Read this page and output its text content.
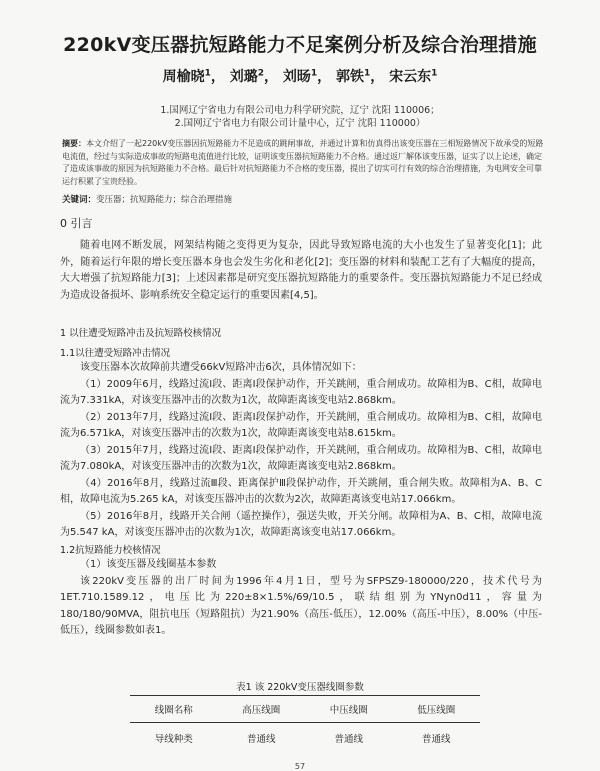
220kV变压器抗短路能力不足案例分析及综合治理措施
周榆晓$^1$， 刘璐$^2$， 刘旸$^1$， 郭铁$^1$， 宋云东$^1$
1.国网辽宁省电力有限公司电力科学研究院，辽宁 沈阳 110006；
2.国网辽宁省电力有限公司计量中心，辽宁 沈阳 110000）
摘要：本文介绍了一起220kV变压器因抗短路能力不足造成的跳闸事故，并通过计算和仿真得出该变压器在三相短路情况下故承受的短路电流值，经过与实际造成事故的短路电流值进行比较，证明该变压器抗短路能力不合格。通过返厂解体该变压器，证实了以上论述，确定了造成该事故的原因为抗短路能力不合格。最后针对抗短路能力不合格的变压器，提出了切实可行有效的综合治理措施，为电网安全可靠运行积累了宝贵经验。
关键词：变压器；抗短路能力；综合治理措施
0 引言
随着电网不断发展，网架结构随之变得更为复杂，因此导致短路电流的大小也发生了显著变化[1]；此外，随着运行年限的增长变压器本身也会发生劣化和老化[2]；变压器的材料和装配工艺有了大幅度的提高，大大增强了抗短路能力[3]；上述因素都是研究变压器抗短路能力的重要条件。变压器抗短路能力不足已经成为造成设备损坏、影响系统安全稳定运行的重要因素[4,5]。
1 以往遭受短路冲击及抗短路校核情况
1.1以往遭受短路冲击情况
该变压器本次故障前共遭受66kV短路冲击6次，具体情况如下：
（1）2009年6月，线路过流Ⅰ段、距离Ⅰ段保护动作，开关跳闸，重合闸成功。故障相为B、C相，故障电流为7.331kA，对该变压器冲击的次数为1次，故障距离该变电站2.868km。
（2）2013年7月，线路过流Ⅰ段、距离Ⅰ段保护动作，开关跳闸，重合闸成功。故障相为B、C相，故障电流为6.571kA，对该变压器冲击的次数为1次，故障距离该变电站8.615km。
（3）2015年7月，线路过流Ⅰ段、距离Ⅰ段保护动作，开关跳闸，重合闸成功。故障相为B、C相，故障电流为7.080kA，对该变压器冲击的次数为1次，故障距离该变电站2.868km。
（4）2016年8月，线路过流Ⅲ段、距离保护Ⅲ段保护动作，开关跳闸，重合闸失败。故障相为A、B、C相，故障电流为5.265 kA，对该变压器冲击的次数为2次，故障距离该变电站17.066km。
（5）2016年8月，线路开关合闸（遥控操作），强送失败，开关分闸。故障相为A、B、C相，故障电流为5.547 kA，对该变压器冲击的次数为1次，故障距离该变电站17.066km。
1.2抗短路能力校核情况
（1）该变压器及线圈基本参数
该220kV变压器的出厂时间为1996年4月1日，型号为SFPSZ9-180000/220，技术代号为1ET.710.1589.12，电压比为220±8×1.5%/69/10.5，联结组别为YNyn0d11，容量为180/180/90MVA，阻抗电压（短路阻抗）为21.90%（高压-低压），12.00%（高压-中压），8.00%（中压-低压），线圈参数如表1。
表1 该 220kV变压器线圈参数
线圈名称	高压线圈	中压线圈	低压线圈
导线种类	普通线	普通线	普通线
57
